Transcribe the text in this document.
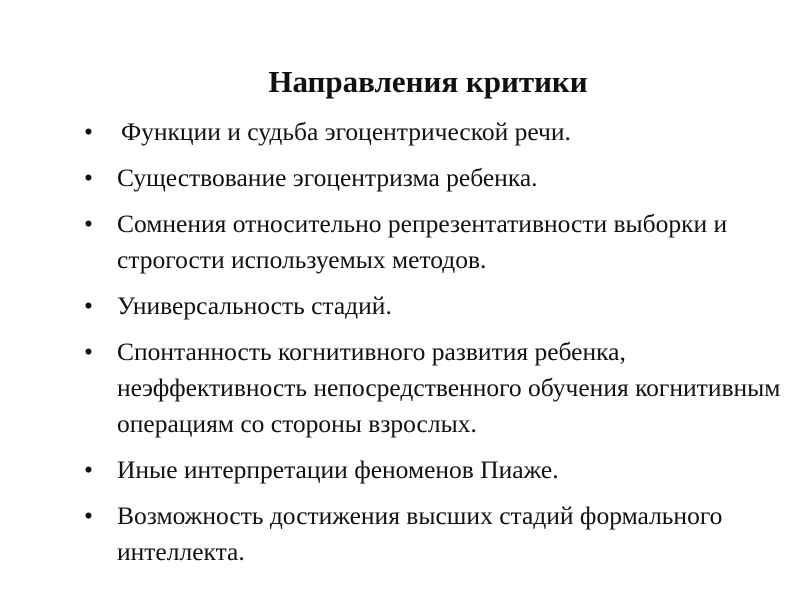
Направления критики
•	Функции и судьба эгоцентрической речи.
• Существование эгоцентризма ребенка.
• Сомнения относительно репрезентативности выборки и строгости используемых методов.
• Универсальность стадий.
• Спонтанность когнитивного развития ребенка, неэффективность непосредственного обучения когнитивным операциям со стороны взрослых.
• Иные интерпретации феноменов Пиаже.
• Возможность достижения высших стадий формального интеллекта.
